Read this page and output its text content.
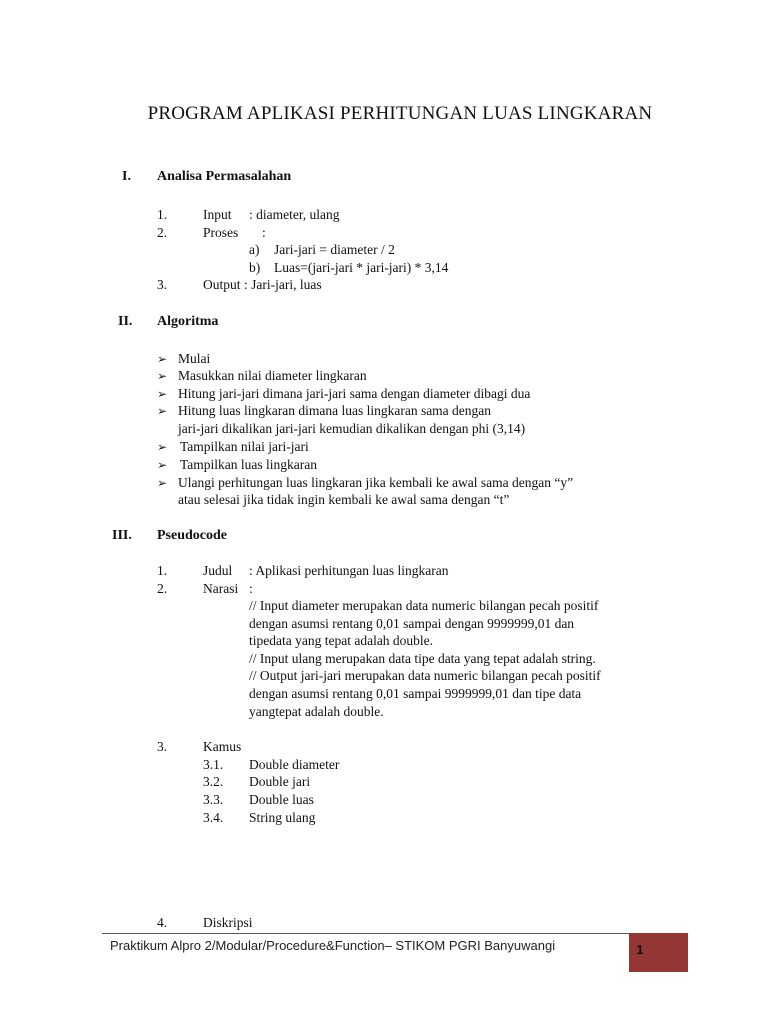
PROGRAM APLIKASI PERHITUNGAN LUAS LINGKARAN
I. Analisa Permasalahan
1.	Input : diameter, ulang
2.	Proses :
a) Jari-jari = diameter / 2
b) Luas=(jari-jari * jari-jari) * 3,14
3.	Output : Jari-jari, luas
II. Algoritma
➢ Mulai
➢ Masukkan nilai diameter lingkaran
➢ Hitung jari-jari dimana jari-jari sama dengan diameter dibagi dua
➢ Hitung luas lingkaran dimana luas lingkaran sama dengan
jari-jari dikalikan jari-jari kemudian dikalikan dengan phi (3,14)
➢ Tampilkan nilai jari-jari
➢ Tampilkan luas lingkaran
➢ Ulangi perhitungan luas lingkaran jika kembali ke awal sama dengan “y”
atau selesai jika tidak ingin kembali ke awal sama dengan “t”
III. Pseudocode
1.	Judul : Aplikasi perhitungan luas lingkaran
2.	Narasi :
// Input diameter merupakan data numeric bilangan pecah positif
dengan asumsi rentang 0,01 sampai dengan 9999999,01 dan
tipedata yang tepat adalah double.
// Input ulang merupakan data tipe data yang tepat adalah string.
// Output jari-jari merupakan data numeric bilangan pecah positif
dengan asumsi rentang 0,01 sampai 9999999,01 dan tipe data
yangtepat adalah double.
3.	Kamus
3.1. Double diameter
3.2. Double jari
3.3. Double luas
3.4. String ulang
4.	Diskripsi
Praktikum Alpro 2/Modular/Procedure&Function– STIKOM PGRI Banyuwangi	1
